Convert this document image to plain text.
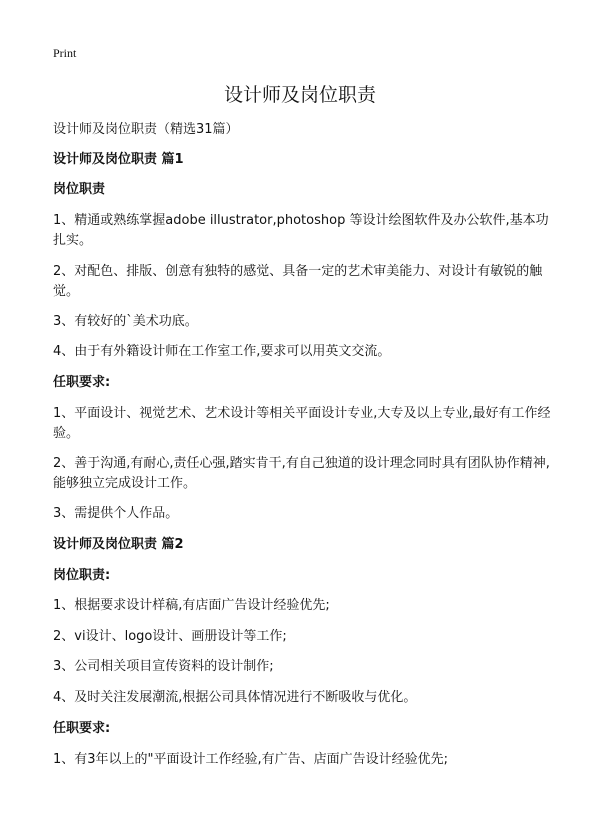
Print
设计师及岗位职责
设计师及岗位职责（精选31篇）
设计师及岗位职责 篇1
岗位职责
1、精通或熟练掌握adobe illustrator,photoshop 等设计绘图软件及办公软件,基本功扎实。
2、对配色、排版、创意有独特的感觉、具备一定的艺术审美能力、对设计有敏锐的触觉。
3、有较好的`美术功底。
4、由于有外籍设计师在工作室工作,要求可以用英文交流。
任职要求:
1、平面设计、视觉艺术、艺术设计等相关平面设计专业,大专及以上专业,最好有工作经验。
2、善于沟通,有耐心,责任心强,踏实肯干,有自己独道的设计理念同时具有团队协作精神,能够独立完成设计工作。
3、需提供个人作品。
设计师及岗位职责 篇2
岗位职责:
1、根据要求设计样稿,有店面广告设计经验优先;
2、vi设计、logo设计、画册设计等工作;
3、公司相关项目宣传资料的设计制作;
4、及时关注发展潮流,根据公司具体情况进行不断吸收与优化。
任职要求:
1、有3年以上的"平面设计工作经验,有广告、店面广告设计经验优先;
